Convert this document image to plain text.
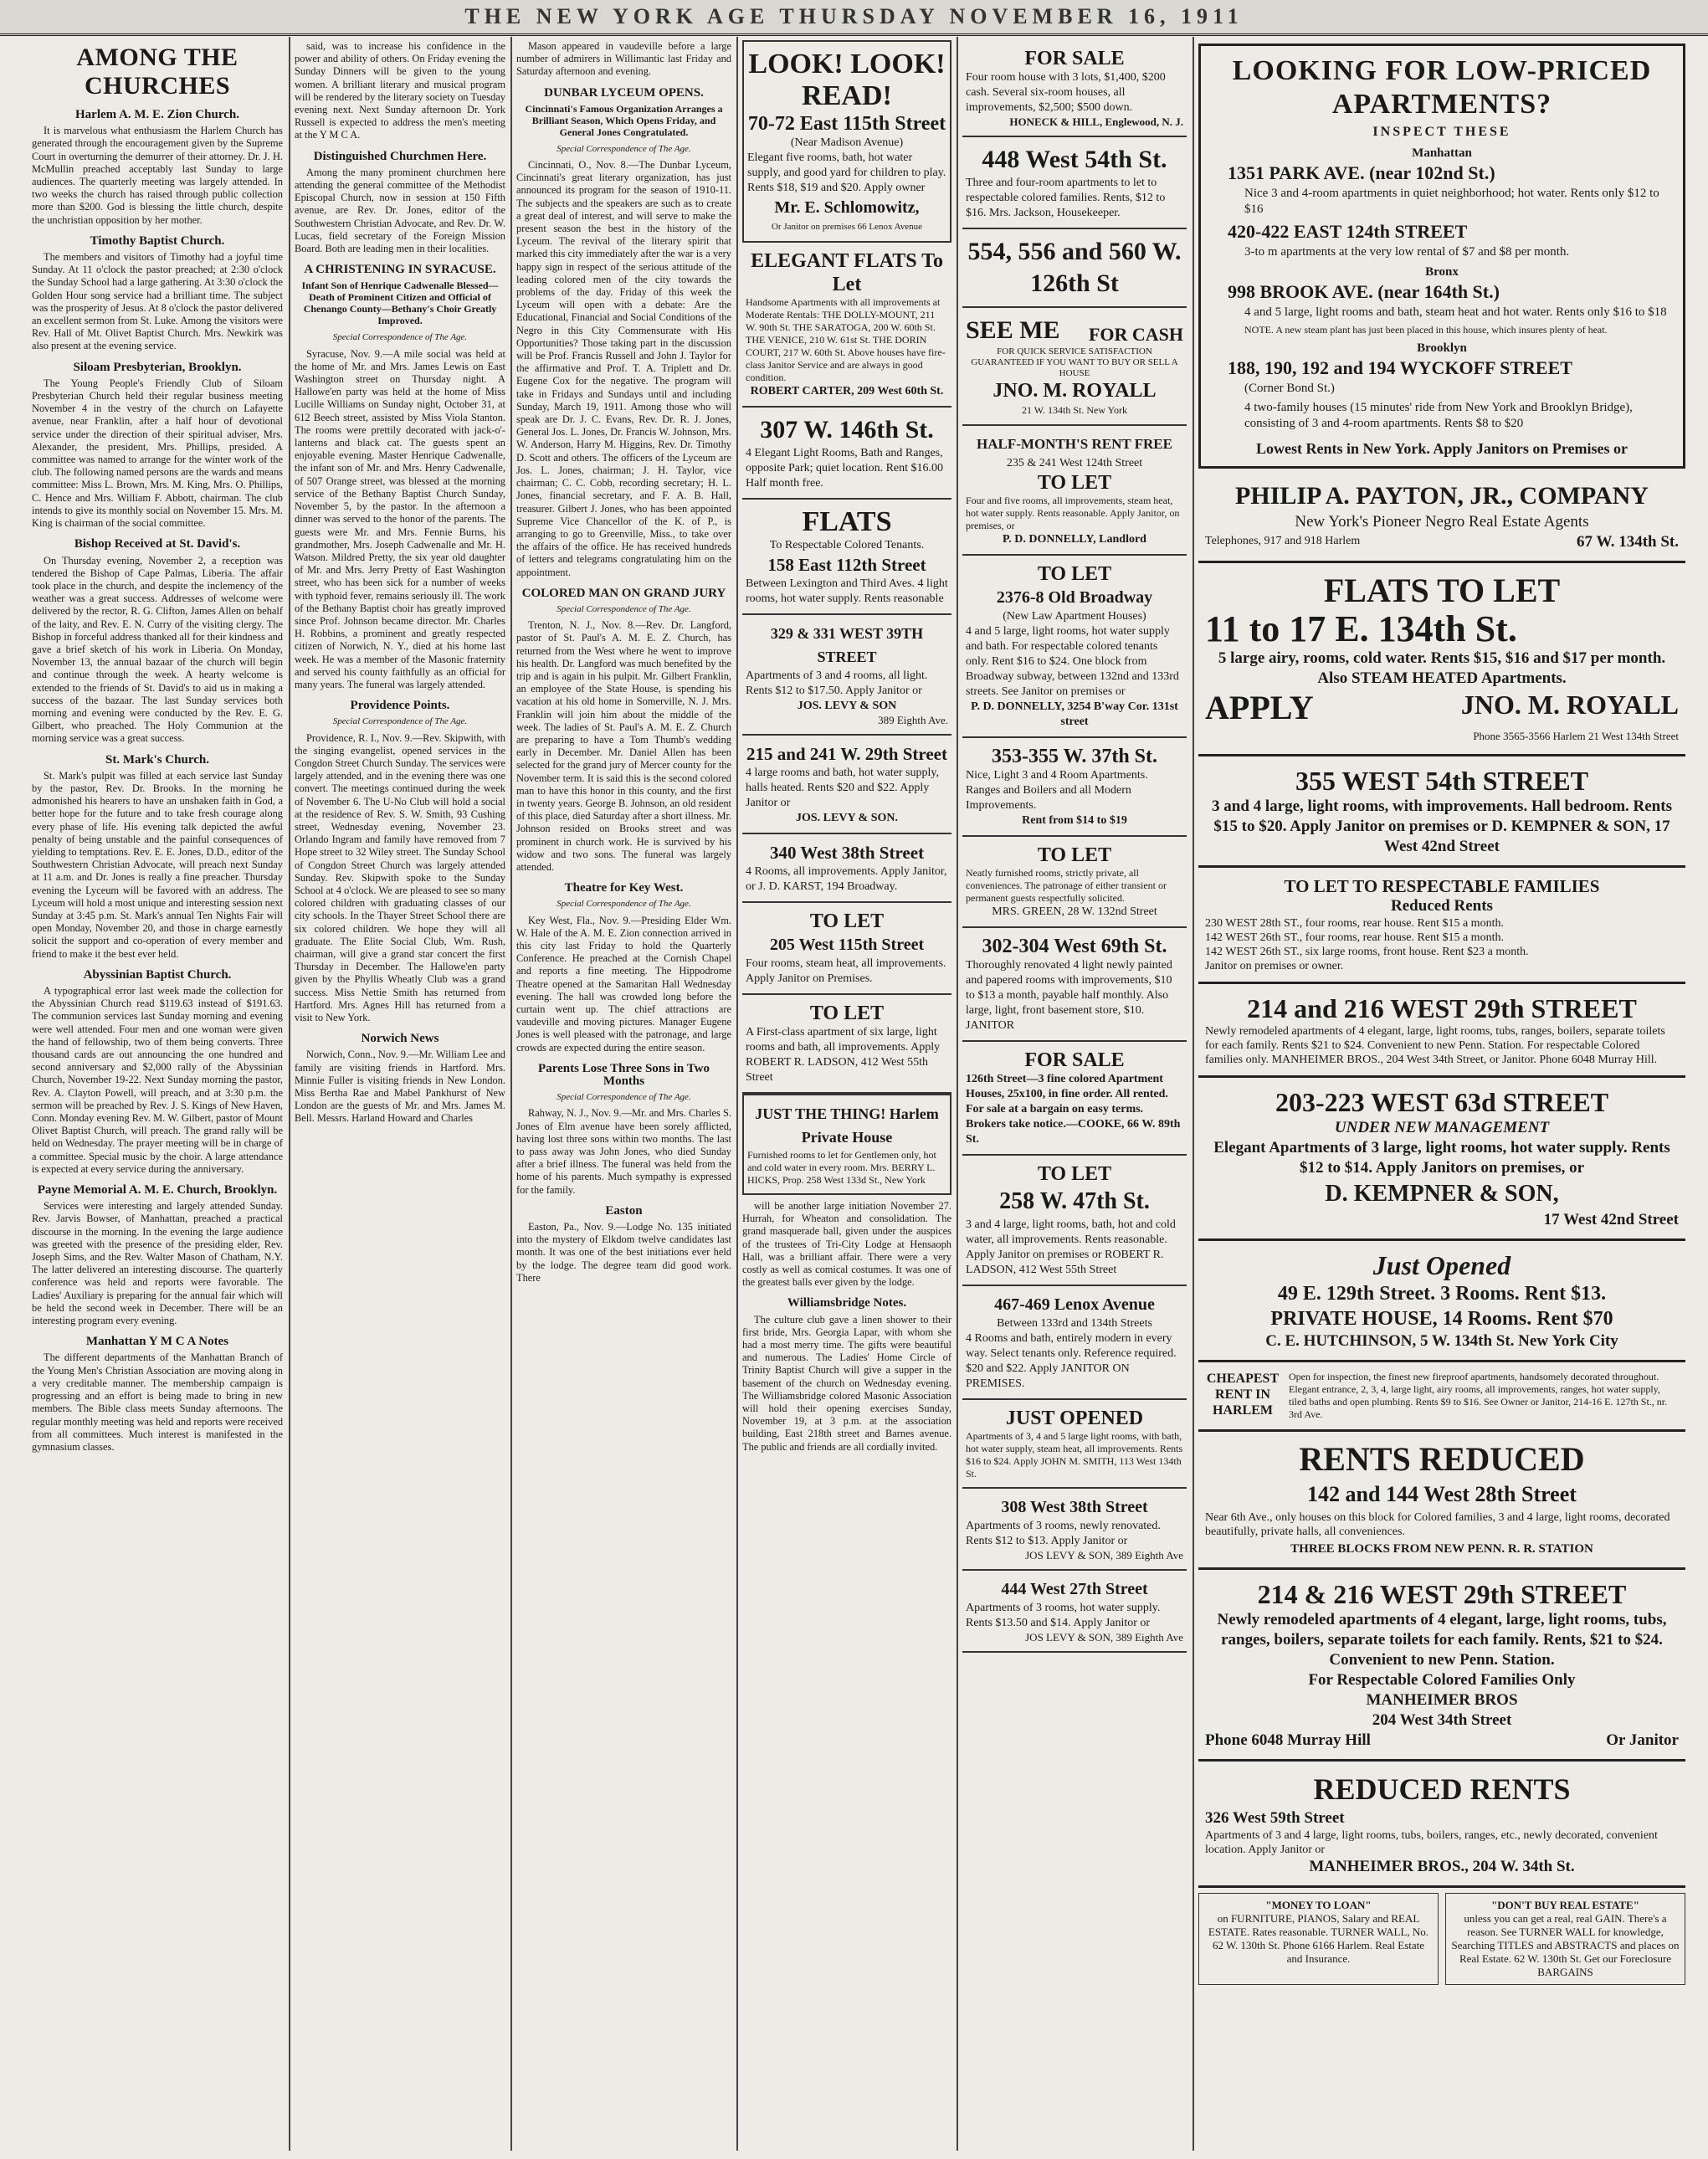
THE NEW YORK AGE THURSDAY NOVEMBER 16, 1911
AMONG THE CHURCHES
Harlem A. M. E. Zion Church.

It is marvelous what enthusiasm the Harlem Church has generated through the encouragement given by the Supreme Court in overturning the demurrer of their attorney. Dr. J. H. McMullin preached acceptably last Sunday to large audiences. The quarterly meeting was largely attended. In two weeks the church has raised through public collection more than $200. God is blessing the little church, despite the unchristian opposition by her mother.

Timothy Baptist Church.

The members and visitors of Timothy had a joyful time Sunday. At 11 o'clock the pastor preached; at 2:30 o'clock the Sunday School had a large gathering. At 3:30 o'clock the Golden Hour song service had a brilliant time. The subject was the prosperity of Jesus. At 8 o'clock the pastor delivered an excellent sermon from St. Luke. Among the visitors were Rev. Hall of Mt. Olivet Baptist Church. Mrs. Newkirk was also present at the evening service.

Siloam Presbyterian, Brooklyn.

The Young People's Friendly Club of Siloam Presbyterian Church held their regular business meeting November 4 in the vestry of the church on Lafayette avenue, near Franklin, after a half hour of devotional service under the direction of their spiritual adviser, Mrs. Alexander, the president, Mrs. Phillips, presided. A committee was named to arrange for the winter work of the club. The following named persons are the wards and means committee: Miss L. Brown, Mrs. M. King, Mrs. O. Phillips, C. Hence and Mrs. William F. Abbott, chairman. The club intends to give its monthly social on November 15. Mrs. M. King is chairman of the social committee.

Bishop Received at St. David's.

On Thursday evening, November 2, a reception was tendered the Bishop of Cape Palmas, Liberia. The affair took place in the church, and despite the inclemency of the weather was a great success. Addresses of welcome were delivered by the rector, R. G. Clifton, James Allen on behalf of the laity, and Rev. E. N. Curry of the visiting clergy. The Bishop in forceful address thanked all for their kindness and gave a brief sketch of his work in Liberia. On Monday, November 13, the annual bazaar of the church will begin and continue through the week. A hearty welcome is extended to the friends of St. David's to aid us in making a success of the bazaar. The last Sunday services both morning and evening were conducted by the Rev. E. G. Gilbert, who preached. The Holy Communion at the morning service was a great success.

St. Mark's Church.

St. Mark's pulpit was filled at each service last Sunday by the pastor, Rev. Dr. Brooks. In the morning he admonished his hearers to have an unshaken faith in God, a better hope for the future and to take fresh courage along every phase of life. His evening talk depicted the awful penalty of being unstable and the painful consequences of yielding to temptations. Rev. E. E. Jones, D.D., editor of the Southwestern Christian Advocate, will preach next Sunday at 11 a.m. and Dr. Jones is really a fine preacher. Thursday evening the Lyceum will be favored with an address. The Lyceum will hold a most unique and interesting session next Sunday at 3:45 p.m. St. Mark's annual Ten Nights Fair will open Monday, November 20, and those in charge earnestly solicit the support and co-operation of every member and friend to make it the best ever held.

Abyssinian Baptist Church.

A typographical error last week made the collection for the Abyssinian Church read $119.63 instead of $191.63. The communion services last Sunday morning and evening were well attended. Four men and one woman were given the hand of fellowship, two of them being converts. Three thousand cards are out announcing the one hundred and second anniversary and $2,000 rally of the Abyssinian Church, November 19-22. Next Sunday morning the pastor, Rev. A. Clayton Powell, will preach, and at 3:30 p.m. the sermon will be preached by Rev. J. S. Kings of New Haven, Conn. Monday evening Rev. M. W. Gilbert, pastor of Mount Olivet Baptist Church, will preach. The grand rally will be held on Wednesday. The prayer meeting will be in charge of a committee. Special music by the choir. A large attendance is expected at every service during the anniversary.

Payne Memorial A. M. E. Church, Brooklyn.

Services were interesting and largely attended Sunday. Rev. Jarvis Bowser, of Manhattan, preached a practical discourse in the morning. In the evening the large audience was greeted with the presence of the presiding elder, Rev. Joseph Sims, and the Rev. Walter Mason of Chatham, N.Y. The latter delivered an interesting discourse. The quarterly conference was held and reports were favorable. The Ladies' Auxiliary is preparing for the annual fair which will be held the second week in December. There will be an interesting program every evening.

Manhattan Y M C A Notes

The different departments of the Manhattan Branch of the Young Men's Christian Association are moving along in a very creditable manner. The membership campaign is progressing and an effort is being made to bring in new members. The Bible class meets Sunday afternoons. The regular monthly meeting was held and reports were received from all committees. Much interest is manifested in the gymnasium classes.

said, was to increase his confidence in the power and ability of others. On Friday evening the Sunday Dinners will be given to the young women. A brilliant literary and musical program will be rendered by the literary society on Tuesday evening next. Next Sunday afternoon Dr. York Russell is expected to address the men's meeting at the Y M C A.

Distinguished Churchmen Here.

Among the many prominent churchmen here attending the general committee of the Methodist Episcopal Church, now in session at 150 Fifth avenue, are Rev. Dr. Jones, editor of the Southwestern Christian Advocate, and Rev. Dr. W. Lucas, field secretary of the Foreign Mission Board. Both are leading men in their localities.

A CHRISTENING IN SYRACUSE.
Infant Son of Henrique Cadwenalle Blessed—Death of Prominent Citizen and Official of Chenango County—Bethany's Choir Greatly Improved.
Special Correspondence of The Age.

Syracuse, Nov. 9.—A mile social was held at the home of Mr. and Mrs. James Lewis on East Washington street on Thursday night. A Hallowe'en party was held at the home of Miss Lucille Williams on Sunday night, October 31, at 612 Beech street, assisted by Miss Viola Stanton. The rooms were prettily decorated with jack-o'-lanterns and black cat. The guests spent an enjoyable evening. Master Henrique Cadwenalle, the infant son of Mr. and Mrs. Henry Cadwenalle, of 507 Orange street, was blessed at the morning service of the Bethany Baptist Church Sunday, November 5, by the pastor. In the afternoon a dinner was served to the honor of the parents. The guests were Mr. and Mrs. Fennie Burns, his grandmother, Mrs. Joseph Cadwenalle and Mr. H. Watson. Mildred Pretty, the six year old daughter of Mr. and Mrs. Jerry Pretty of East Washington street, who has been sick for a number of weeks with typhoid fever, remains seriously ill. The work of the Bethany Baptist choir has greatly improved since Prof. Johnson became director. Mr. Charles H. Robbins, a prominent and greatly respected citizen of Norwich, N. Y., died at his home last week. He was a member of the Masonic fraternity and served his county faithfully as an official for many years. The funeral was largely attended.

Providence Points.
Special Correspondence of The Age.

Providence, R. I., Nov. 9.—Rev. Skipwith, with the singing evangelist, opened services in the Congdon Street Church Sunday. The services were largely attended, and in the evening there was one convert. The meetings continued during the week of November 6. The U-No Club will hold a social at the residence of Rev. S. W. Smith, 93 Cushing street, Wednesday evening, November 23. Orlando Ingram and family have removed from 7 Hope street to 32 Wiley street. The Sunday School of Congdon Street Church was largely attended Sunday. Rev. Skipwith spoke to the Sunday School at 4 o'clock. We are pleased to see so many colored children with graduating classes of our city schools. In the Thayer Street School there are six colored children. We hope they will all graduate. The Elite Social Club, Wm. Rush, chairman, will give a grand star concert the first Thursday in December. The Hallowe'en party given by the Phyllis Wheatly Club was a grand success. Miss Nettie Smith has returned from Hartford. Mrs. Agnes Hill has returned from a visit to New York.

Norwich News

Norwich, Conn., Nov. 9.—Mr. William Lee and family are visiting friends in Hartford. Mrs. Minnie Fuller is visiting friends in New London. Miss Bertha Rae and Mabel Pankhurst of New London are the guests of Mr. and Mrs. James M. Bell. Messrs. Harland Howard and Charles

Mason appeared in vaudeville before a large number of admirers in Willimantic last Friday and Saturday afternoon and evening.

DUNBAR LYCEUM OPENS.
Cincinnati's Famous Organization Arranges a Brilliant Season, Which Opens Friday, and General Jones Congratulated.
Special Correspondence of The Age.

Cincinnati, O., Nov. 8.—The Dunbar Lyceum, Cincinnati's great literary organization, has just announced its program for the season of 1910-11. The subjects and the speakers are such as to create a great deal of interest, and will serve to make the present season the best in the history of the Lyceum. The revival of the literary spirit that marked this city immediately after the war is a very happy sign in respect of the serious attitude of the leading colored men of the city towards the problems of the day. Friday of this week the Lyceum will open with a debate: Are the Educational, Financial and Social Conditions of the Negro in this City Commensurate with His Opportunities? Those taking part in the discussion will be Prof. Francis Russell and John J. Taylor for the affirmative and Prof. T. A. Triplett and Dr. Eugene Cox for the negative. The program will take in Fridays and Sundays until and including Sunday, March 19, 1911. Among those who will speak are Dr. J. C. Evans, Rev. Dr. R. J. Jones, General Jos. L. Jones, Dr. Francis W. Johnson, Mrs. W. Anderson, Harry M. Higgins, Rev. Dr. Timothy D. Scott and others. The officers of the Lyceum are Jos. L. Jones, chairman; J. H. Taylor, vice chairman; C. C. Cobb, recording secretary; H. L. Jones, financial secretary, and F. A. B. Hall, treasurer. Gilbert J. Jones, who has been appointed Supreme Vice Chancellor of the K. of P., is arranging to go to Greenville, Miss., to take over the affairs of the office. He has received hundreds of letters and telegrams congratulating him on the appointment.

COLORED MAN ON GRAND JURY
Special Correspondence of The Age.

Trenton, N. J., Nov. 8.—Rev. Dr. Langford, pastor of St. Paul's A. M. E. Z. Church, has returned from the West where he went to improve his health. Dr. Langford was much benefited by the trip and is again in his pulpit. Mr. Gilbert Franklin, an employee of the State House, is spending his vacation at his old home in Somerville, N. J. Mrs. Franklin will join him about the middle of the week. The ladies of St. Paul's A. M. E. Z. Church are preparing to have a Tom Thumb's wedding early in December. Mr. Daniel Allen has been selected for the grand jury of Mercer county for the November term. It is said this is the second colored man to have this honor in this county, and the first in twenty years. George B. Johnson, an old resident of this place, died Saturday after a short illness. Mr. Johnson resided on Brooks street and was prominent in church work. He is survived by his widow and two sons. The funeral was largely attended.

Theatre for Key West.
Special Correspondence of The Age.

Key West, Fla., Nov. 9.—Presiding Elder Wm. W. Hale of the A. M. E. Zion connection arrived in this city last Friday to hold the Quarterly Conference. He preached at the Cornish Chapel and reports a fine meeting. The Hippodrome Theatre opened at the Samaritan Hall Wednesday evening. The hall was crowded long before the curtain went up. The chief attractions are vaudeville and moving pictures. Manager Eugene Jones is well pleased with the patronage, and large crowds are expected during the entire season.

Parents Lose Three Sons in Two Months
Special Correspondence of The Age.

Rahway, N. J., Nov. 9.—Mr. and Mrs. Charles S. Jones of Elm avenue have been sorely afflicted, having lost three sons within two months. The last to pass away was John Jones, who died Sunday after a brief illness. The funeral was held from the home of his parents. Much sympathy is expressed for the family.

Easton

Easton, Pa., Nov. 9.—Lodge No. 135 initiated into the mystery of Elkdom twelve candidates last month. It was one of the best initiations ever held by the lodge. The degree team did good work. There

LOOK! LOOK! READ!
70-72 East 115th Street
(Near Madison Avenue)
Elegant five rooms, bath, hot water supply, and good yard for children to play. Rents $18, $19 and $20. Apply owner
Mr. E. Schlomowitz,
Or Janitor on premises 66 Lenox Avenue
ELEGANT FLATS To Let
Handsome Apartments with all improvements at Moderate Rentals: THE DOLLY-MOUNT, 211 W. 90th St. THE SARATOGA, 200 W. 60th St. THE VENICE, 210 W. 61st St. THE DORIN COURT, 217 W. 60th St. Above houses have fire-class Janitor Service and are always in good condition.
ROBERT CARTER, 209 West 60th St.
307 W. 146th St.
4 Elegant Light Rooms, Bath and Ranges, opposite Park; quiet location. Rent $16.00 Half month free.
FLATS
To Respectable Colored Tenants.
158 East 112th Street
Between Lexington and Third Aves. 4 light rooms, hot water supply. Rents reasonable
329 & 331 WEST 39TH STREET
Apartments of 3 and 4 rooms, all light. Rents $12 to $17.50. Apply Janitor or
JOS. LEVY & SON
389 Eighth Ave.
215 and 241 W. 29th Street
4 large rooms and bath, hot water supply, halls heated. Rents $20 and $22. Apply Janitor or
JOS. LEVY & SON.
340 West 38th Street
4 Rooms, all improvements. Apply Janitor, or J. D. KARST, 194 Broadway.
TO LET
205 West 115th Street
Four rooms, steam heat, all improvements. Apply Janitor on Premises.
TO LET
A First-class apartment of six large, light rooms and bath, all improvements. Apply ROBERT R. LADSON, 412 West 55th Street
JUST THE THING! Harlem Private House
Furnished rooms to let for Gentlemen only, hot and cold water in every room. Mrs. BERRY L. HICKS, Prop. 258 West 133d St., New York

will be another large initiation November 27. Hurrah, for Wheaton and consolidation. The grand masquerade ball, given under the auspices of the trustees of Tri-City Lodge at Hensaoph Hall, was a brilliant affair. There were a very costly as well as comical costumes. It was one of the greatest balls ever given by the lodge.

Williamsbridge Notes.

The culture club gave a linen shower to their first bride, Mrs. Georgia Lapar, with whom she had a most merry time. The gifts were beautiful and numerous. The Ladies' Home Circle of Trinity Baptist Church will give a supper in the basement of the church on Wednesday evening. The Williamsbridge colored Masonic Association will hold their opening exercises Sunday, November 19, at 3 p.m. at the association building, East 218th street and Barnes avenue. The public and friends are all cordially invited.

FOR SALE
Four room house with 3 lots, $1,400, $200 cash. Several six-room houses, all improvements, $2,500; $500 down.
HONECK & HILL, Englewood, N. J.
448 West 54th St.
Three and four-room apartments to let to respectable colored families. Rents, $12 to $16. Mrs. Jackson, Housekeeper.
554, 556 and 560 W. 126th St
SEE ME FOR CASH
FOR QUICK SERVICE SATISFACTION GUARANTEED IF YOU WANT TO BUY OR SELL A HOUSE
JNO. M. ROYALL
21 W. 134th St. New York
HALF-MONTH'S RENT FREE
235 & 241 West 124th Street
TO LET
Four and five rooms, all improvements, steam heat, hot water supply. Rents reasonable. Apply Janitor, on premises, or
P. D. DONNELLY, Landlord
TO LET
2376-8 Old Broadway
(New Law Apartment Houses)
4 and 5 large, light rooms, hot water supply and bath. For respectable colored tenants only. Rent $16 to $24. One block from Broadway subway, between 132nd and 133rd streets. See Janitor on premises or
P. D. DONNELLY, 3254 B'way Cor. 131st street
353-355 W. 37th St.
Nice, Light 3 and 4 Room Apartments. Ranges and Boilers and all Modern Improvements.
Rent from $14 to $19
TO LET
Neatly furnished rooms, strictly private, all conveniences. The patronage of either transient or permanent guests respectfully solicited.
MRS. GREEN, 28 W. 132nd Street
302-304 West 69th St.
Thoroughly renovated 4 light newly painted and papered rooms with improvements, $10 to $13 a month, payable half monthly. Also large, light, front basement store, $10. JANITOR
FOR SALE
126th Street—3 fine colored Apartment Houses, 25x100, in fine order. All rented. For sale at a bargain on easy terms. Brokers take notice.—COOKE, 66 W. 89th St.
TO LET
258 W. 47th St.
3 and 4 large, light rooms, bath, hot and cold water, all improvements. Rents reasonable. Apply Janitor on premises or ROBERT R. LADSON, 412 West 55th Street
467-469 Lenox Avenue
Between 133rd and 134th Streets
4 Rooms and bath, entirely modern in every way. Select tenants only. Reference required. $20 and $22. Apply JANITOR ON PREMISES.
JUST OPENED
Apartments of 3, 4 and 5 large light rooms, with bath, hot water supply, steam heat, all improvements. Rents $16 to $24. Apply JOHN M. SMITH, 113 West 134th St.
308 West 38th Street
Apartments of 3 rooms, newly renovated. Rents $12 to $13. Apply Janitor or
JOS LEVY & SON, 389 Eighth Ave
444 West 27th Street
Apartments of 3 rooms, hot water supply. Rents $13.50 and $14. Apply Janitor or
JOS LEVY & SON, 389 Eighth Ave
LOOKING FOR LOW-PRICED APARTMENTS?
INSPECT THESE
Manhattan
1351 PARK AVE. (near 102nd St.)
Nice 3 and 4-room apartments in quiet neighborhood; hot water. Rents only $12 to $16
420-422 EAST 124th STREET
3-to m apartments at the very low rental of $7 and $8 per month.
Bronx
998 BROOK AVE. (near 164th St.)
4 and 5 large, light rooms and bath, steam heat and hot water. Rents only $16 to $18
NOTE. A new steam plant has just been placed in this house, which insures plenty of heat.
Brooklyn
188, 190, 192 and 194 WYCKOFF STREET
(Corner Bond St.)
4 two-family houses (15 minutes' ride from New York and Brooklyn Bridge), consisting of 3 and 4-room apartments. Rents $8 to $20
Lowest Rents in New York. Apply Janitors on Premises or
PHILIP A. PAYTON, JR., COMPANY
New York's Pioneer Negro Real Estate Agents
Telephones, 917 and 918 Harlem	67 W. 134th St.
FLATS TO LET
11 to 17 E. 134th St.
5 large airy, rooms, cold water. Rents $15, $16 and $17 per month.
Also STEAM HEATED Apartments.
APPLY	JNO. M. ROYALL
Phone 3565-3566 Harlem 21 West 134th Street
355 WEST 54th STREET
3 and 4 large, light rooms, with improvements. Hall bedroom. Rents $15 to $20. Apply Janitor on premises or D. KEMPNER & SON, 17 West 42nd Street
TO LET TO RESPECTABLE FAMILIES
Reduced Rents
230 WEST 28th ST., four rooms, rear house. Rent $15 a month.
142 WEST 26th ST., four rooms, rear house. Rent $15 a month.
142 WEST 26th ST., six large rooms, front house. Rent $23 a month.
Janitor on premises or owner.
214 and 216 WEST 29th STREET
Newly remodeled apartments of 4 elegant, large, light rooms, tubs, ranges, boilers, separate toilets for each family. Rents $21 to $24. Convenient to new Penn. Station. For respectable Colored families only. MANHEIMER BROS., 204 West 34th Street, or Janitor. Phone 6048 Murray Hill.
203-223 WEST 63d STREET
UNDER NEW MANAGEMENT
Elegant Apartments of 3 large, light rooms, hot water supply. Rents $12 to $14. Apply Janitors on premises, or
D. KEMPNER & SON,
17 West 42nd Street
Just Opened
49 E. 129th Street. 3 Rooms. Rent $13.
PRIVATE HOUSE, 14 Rooms. Rent $70
C. E. HUTCHINSON, 5 W. 134th St. New York City
CHEAPEST RENT IN HARLEM
Open for inspection, the finest new fireproof apartments, handsomely decorated throughout. Elegant entrance, 2, 3, 4, large light, airy rooms, all improvements, ranges, hot water supply, tiled baths and open plumbing. Rents $9 to $16. See Owner or Janitor, 214-16 E. 127th St., nr. 3rd Ave.
RENTS REDUCED
142 and 144 West 28th Street
Near 6th Ave., only houses on this block for Colored families, 3 and 4 large, light rooms, decorated beautifully, private halls, all conveniences.
THREE BLOCKS FROM NEW PENN. R. R. STATION
214 & 216 WEST 29th STREET
Newly remodeled apartments of 4 elegant, large, light rooms, tubs, ranges, boilers, separate toilets for each family. Rents, $21 to $24. Convenient to new Penn. Station.
For Respectable Colored Families Only
MANHEIMER BROS
204 West 34th Street
Phone 6048 Murray Hill	Or Janitor
REDUCED RENTS
326 West 59th Street
Apartments of 3 and 4 large, light rooms, tubs, boilers, ranges, etc., newly decorated, convenient location. Apply Janitor or
MANHEIMER BROS., 204 W. 34th St.
"MONEY TO LOAN"
on FURNITURE, PIANOS, Salary and REAL ESTATE. Rates reasonable. TURNER WALL, No. 62 W. 130th St. Phone 6166 Harlem. Real Estate and Insurance.
"DON'T BUY REAL ESTATE"
unless you can get a real, real GAIN. There's a reason. See TURNER WALL for knowledge, Searching TITLES and ABSTRACTS and places on Real Estate. 62 W. 130th St. Get our Foreclosure BARGAINS
